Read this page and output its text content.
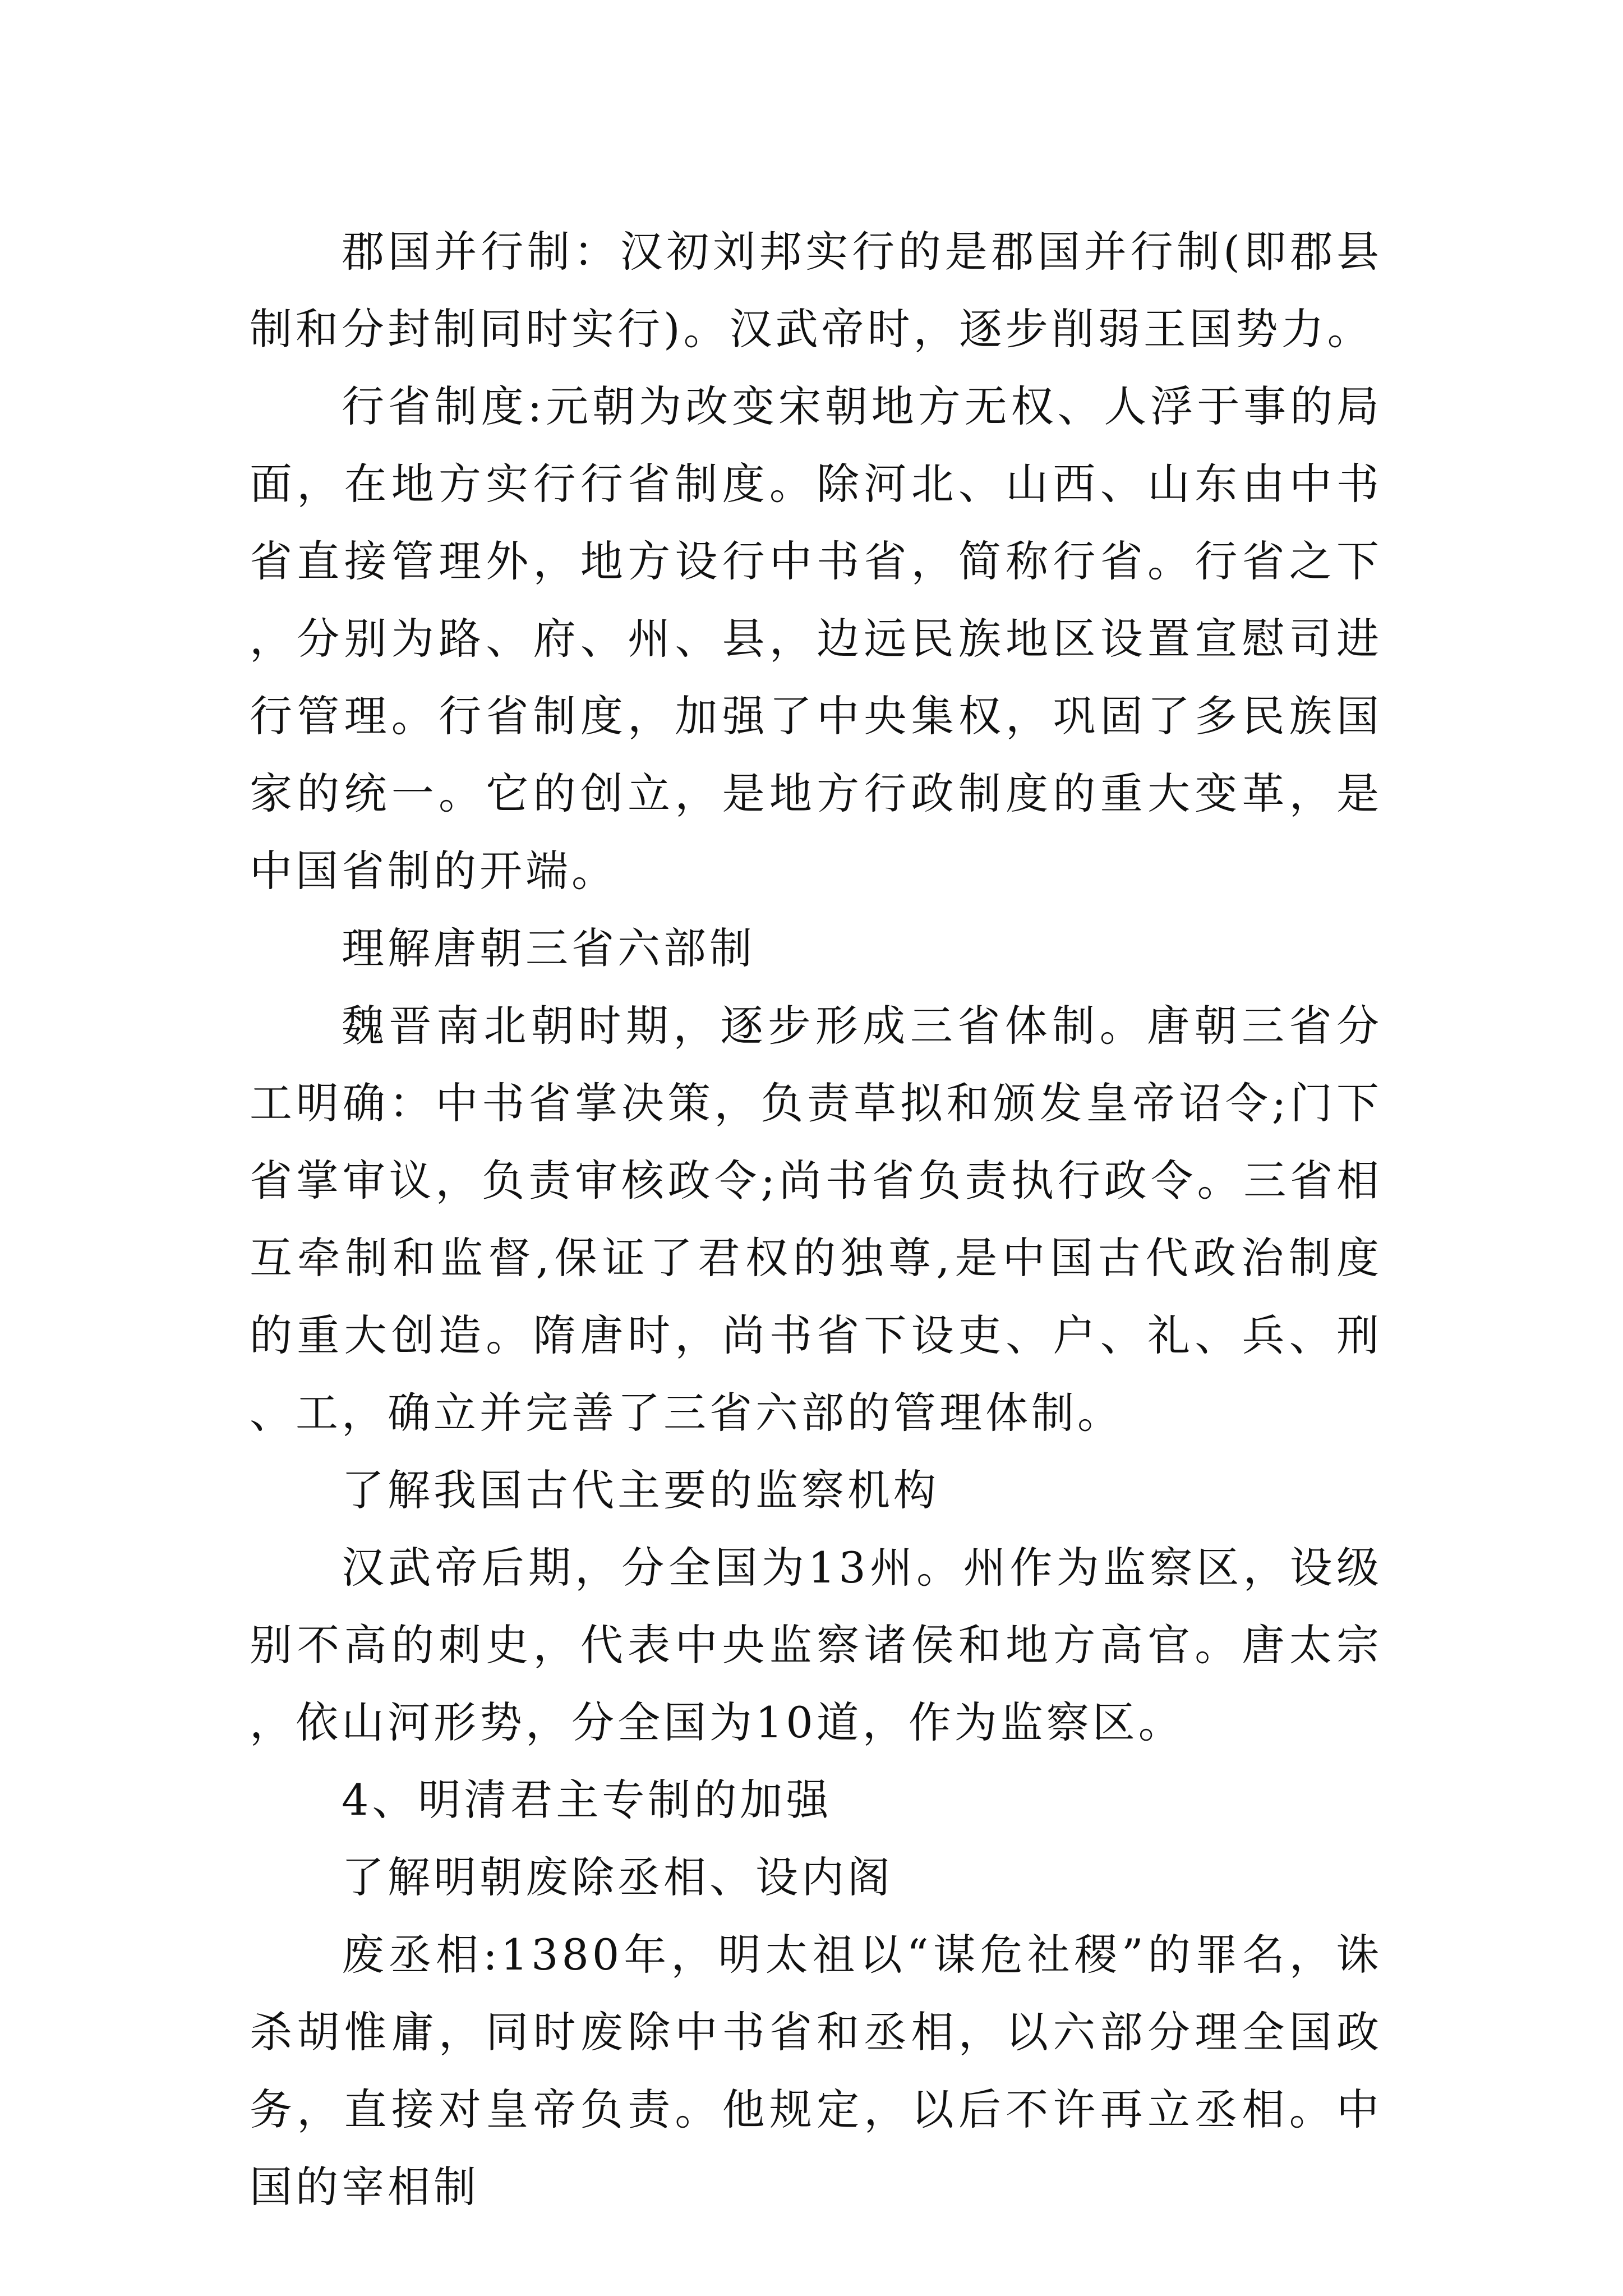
郡国并行制：汉初刘邦实行的是郡国并行制(即郡县制和分封制同时实行)。汉武帝时，逐步削弱王国势力。

行省制度:元朝为改变宋朝地方无权、人浮于事的局面，在地方实行行省制度。除河北、山西、山东由中书省直接管理外，地方设行中书省，简称行省。行省之下，分别为路、府、州、县，边远民族地区设置宣慰司进行管理。行省制度，加强了中央集权，巩固了多民族国家的统一。它的创立，是地方行政制度的重大变革，是中国省制的开端。

理解唐朝三省六部制

魏晋南北朝时期，逐步形成三省体制。唐朝三省分工明确：中书省掌决策，负责草拟和颁发皇帝诏令;门下省掌审议，负责审核政令;尚书省负责执行政令。三省相互牵制和监督,保证了君权的独尊,是中国古代政治制度的重大创造。隋唐时，尚书省下设吏、户、礼、兵、刑、工，确立并完善了三省六部的管理体制。

了解我国古代主要的监察机构

汉武帝后期，分全国为13州。州作为监察区，设级别不高的刺史，代表中央监察诸侯和地方高官。唐太宗，依山河形势，分全国为10道，作为监察区。

4、明清君主专制的加强

了解明朝废除丞相、设内阁

废丞相:1380年，明太祖以“谋危社稷”的罪名，诛杀胡惟庸，同时废除中书省和丞相，以六部分理全国政务，直接对皇帝负责。他规定，以后不许再立丞相。中国的宰相制
